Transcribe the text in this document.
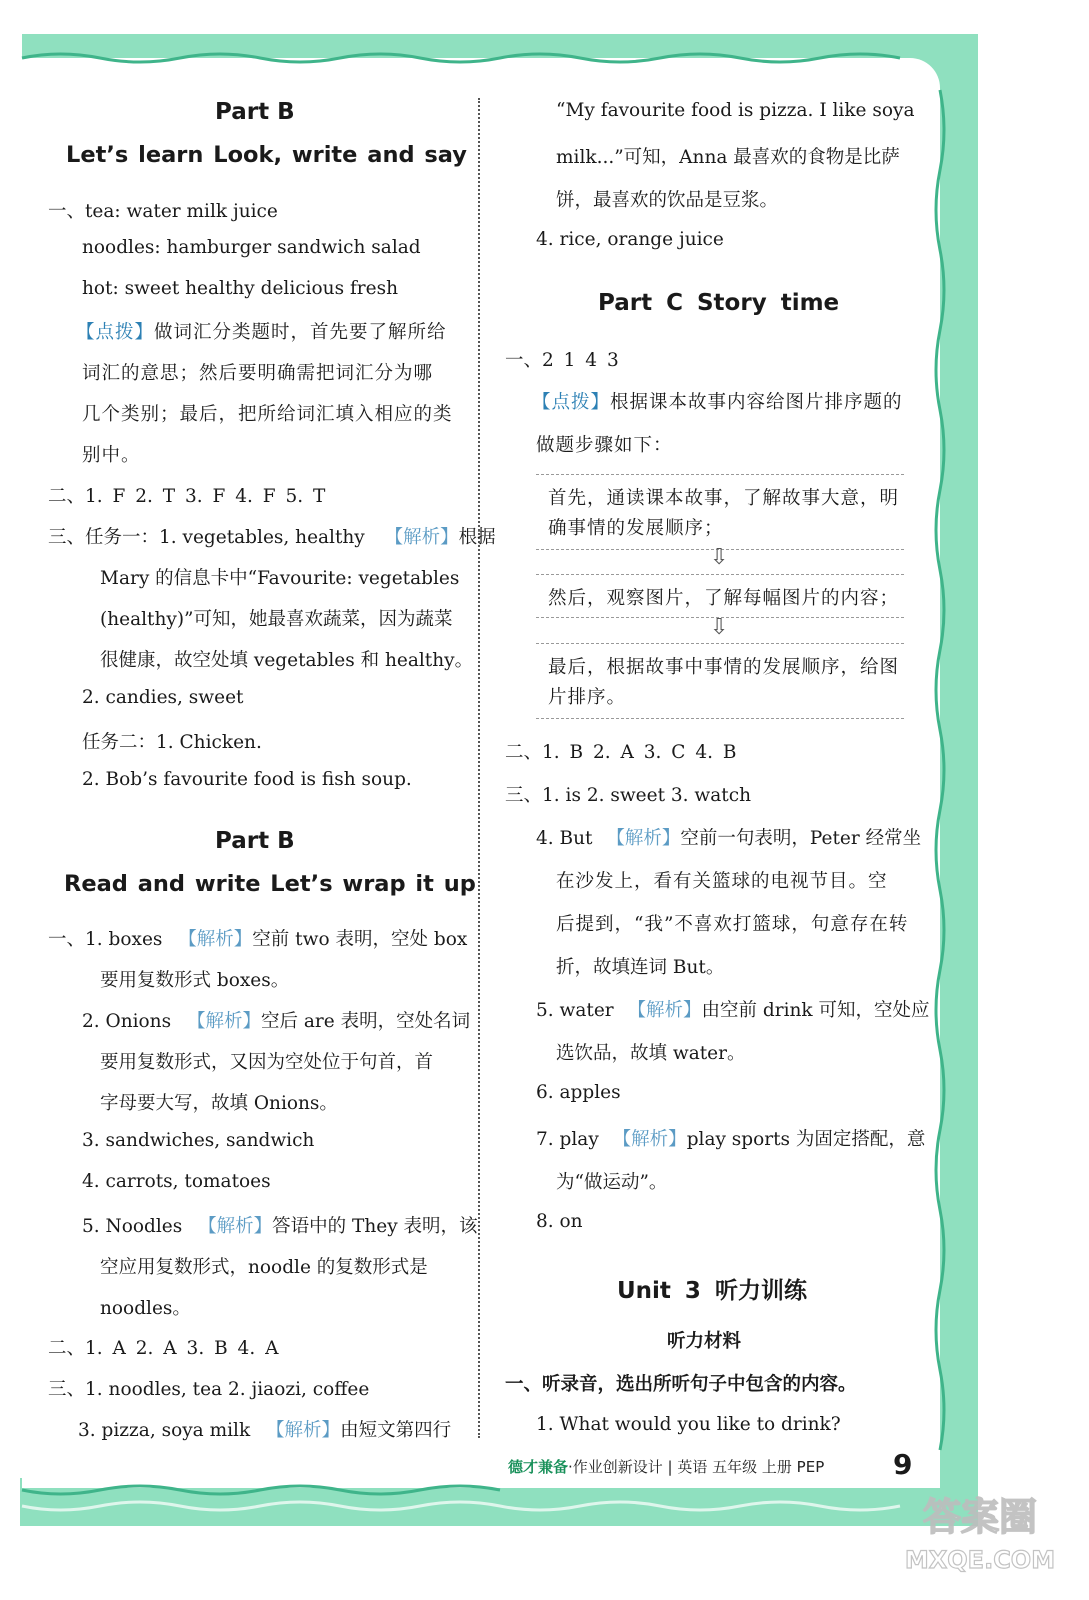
Part B
Let’s learn Look, write and say
一、tea: water milk juice
noodles: hamburger sandwich salad
hot: sweet healthy delicious fresh
【点拨】做词汇分类题时，首先要了解所给
词汇的意思；然后要明确需把词汇分为哪
几个类别；最后，把所给词汇填入相应的类
别中。
二、1. F 2. T 3. F 4. F 5. T
三、任务一：1. vegetables, healthy 【解析】根据
Mary 的信息卡中“Favourite: vegetables
(healthy)”可知，她最喜欢蔬菜，因为蔬菜
很健康，故空处填 vegetables 和 healthy。
2. candies, sweet
任务二：1. Chicken.
2. Bob’s favourite food is fish soup.
Part B
Read and write Let’s wrap it up
一、1. boxes 【解析】空前 two 表明，空处 box
要用复数形式 boxes。
2. Onions 【解析】空后 are 表明，空处名词
要用复数形式，又因为空处位于句首，首
字母要大写，故填 Onions。
3. sandwiches, sandwich
4. carrots, tomatoes
5. Noodles 【解析】答语中的 They 表明，该
空应用复数形式，noodle 的复数形式是
noodles。
二、1. A 2. A 3. B 4. A
三、1. noodles, tea 2. jiaozi, coffee
3. pizza, soya milk 【解析】由短文第四行
“My favourite food is pizza. I like soya
milk...”可知，Anna 最喜欢的食物是比萨
饼，最喜欢的饮品是豆浆。
4. rice, orange juice
Part C Story time
一、2 1 4 3
【点拨】根据课本故事内容给图片排序题的
做题步骤如下：
首先，通读课本故事，了解故事大意，明
确事情的发展顺序；
⇩
然后，观察图片，了解每幅图片的内容；
⇩
最后，根据故事中事情的发展顺序，给图
片排序。
二、1. B 2. A 3. C 4. B
三、1. is 2. sweet 3. watch
4. But 【解析】空前一句表明，Peter 经常坐
在沙发上，看有关篮球的电视节目。空
后提到，“我”不喜欢打篮球，句意存在转
折，故填连词 But。
5. water 【解析】由空前 drink 可知，空处应
选饮品，故填 water。
6. apples
7. play 【解析】play sports 为固定搭配，意
为“做运动”。
8. on
Unit 3 听力训练
听力材料
一、听录音，选出所听句子中包含的内容。
1. What would you like to drink?
德才兼备·作业创新设计 | 英语 五年级 上册 PEP 9
答案圈
MXQE.COM
